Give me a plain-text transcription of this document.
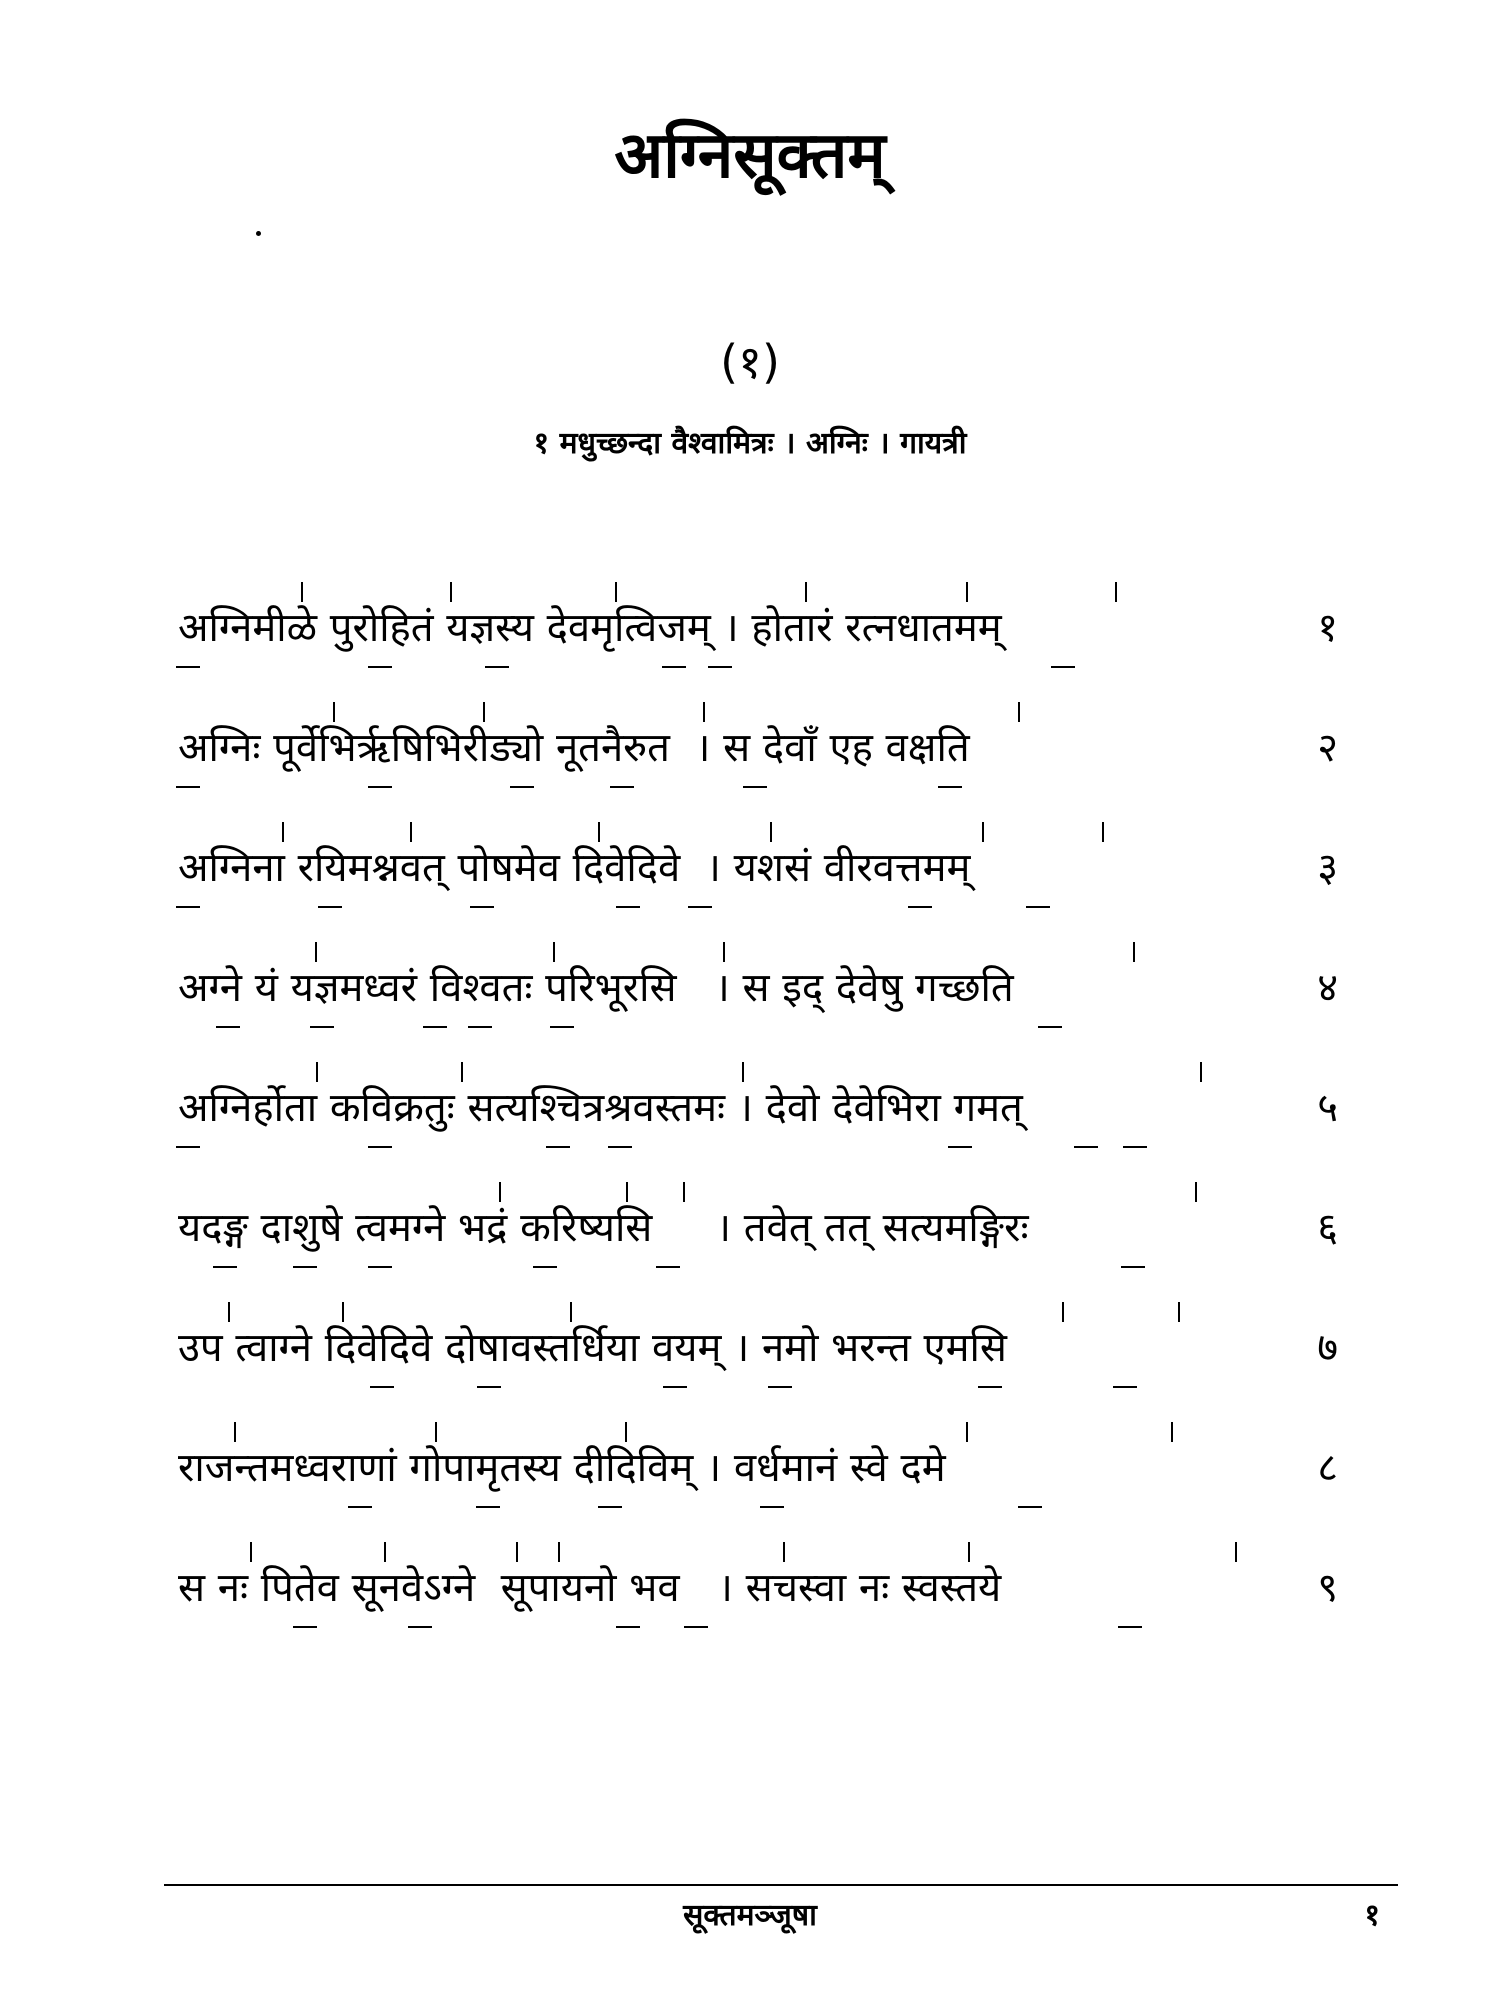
अग्निसूक्तम्
(१)
१ मधुच्छन्दा वैश्वामित्रः । अग्निः । गायत्री
अग्निमीळे पुरोहितं यज्ञस्य देवमृत्विजम् । होतारं रत्नधातमम्	१
अग्निः पूर्वेभिरृषिभिरीड्यो नूतनैरुत  । स देवाँ एह वक्षति	२
अग्निना रयिमश्नवत् पोषमेव दिवेदिवे  । यशसं वीरवत्तमम्	३
अग्ने यं यज्ञमध्वरं विश्वतः परिभूरसि   । स इद् देवेषु गच्छति	४
अग्निर्होता कविक्रतुः सत्यश्चित्रश्रवस्तमः । देवो देवेभिरा गमत्	५
यदङ्ग दाशुषे त्वमग्ने भद्रं करिष्यसि     । तवेत् तत् सत्यमङ्गिरः	६
उप त्वाग्ने दिवेदिवे दोषावस्तर्धिया वयम् । नमो भरन्त एमसि	७
राजन्तमध्वराणां गोपामृतस्य दीदिविम् । वर्धमानं स्वे दमे	८
स नः पितेव सूनवेऽग्ने  सूपायनो भव   । सचस्वा नः स्वस्तये	९
सूक्तमञ्जूषा	१
